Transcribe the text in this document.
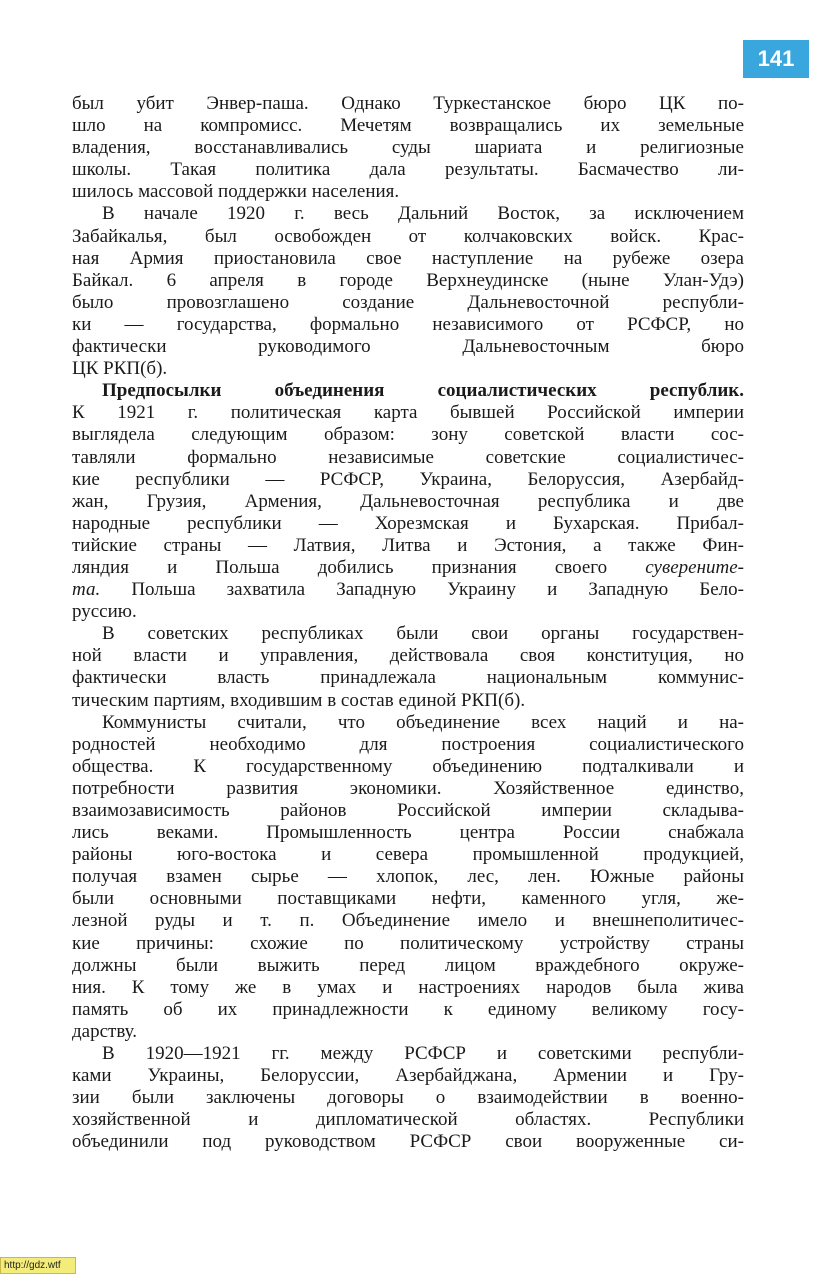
141
был убит Энвер-паша. Однако Туркестанское бюро ЦК по-
шло на компромисс. Мечетям возвращались их земельные
владения, восстанавливались суды шариата и религиозные
школы. Такая политика дала результаты. Басмачество ли-
шилось массовой поддержки населения.
В начале 1920 г. весь Дальний Восток, за исключением
Забайкалья, был освобожден от колчаковских войск. Крас-
ная Армия приостановила свое наступление на рубеже озера
Байкал. 6 апреля в городе Верхнеудинске (ныне Улан-Удэ)
было провозглашено создание Дальневосточной республи-
ки — государства, формально независимого от РСФСР, но
фактически руководимого Дальневосточным бюро
ЦК РКП(б).
Предпосылки объединения социалистических республик.
К 1921 г. политическая карта бывшей Российской империи
выглядела следующим образом: зону советской власти сос-
тавляли формально независимые советские социалистичес-
кие республики — РСФСР, Украина, Белоруссия, Азербайд-
жан, Грузия, Армения, Дальневосточная республика и две
народные республики — Хорезмская и Бухарская. Прибал-
тийские страны — Латвия, Литва и Эстония, а также Фин-
ляндия и Польша добились признания своего суверените-
та. Польша захватила Западную Украину и Западную Бело-
руссию.
В советских республиках были свои органы государствен-
ной власти и управления, действовала своя конституция, но
фактически власть принадлежала национальным коммунис-
тическим партиям, входившим в состав единой РКП(б).
Коммунисты считали, что объединение всех наций и на-
родностей необходимо для построения социалистического
общества. К государственному объединению подталкивали и
потребности развития экономики. Хозяйственное единство,
взаимозависимость районов Российской империи складыва-
лись веками. Промышленность центра России снабжала
районы юго-востока и севера промышленной продукцией,
получая взамен сырье — хлопок, лес, лен. Южные районы
были основными поставщиками нефти, каменного угля, же-
лезной руды и т. п. Объединение имело и внешнеполитичес-
кие причины: схожие по политическому устройству страны
должны были выжить перед лицом враждебного окруже-
ния. К тому же в умах и настроениях народов была жива
память об их принадлежности к единому великому госу-
дарству.
В 1920—1921 гг. между РСФСР и советскими республи-
ками Украины, Белоруссии, Азербайджана, Армении и Гру-
зии были заключены договоры о взаимодействии в военно-
хозяйственной и дипломатической областях. Республики
объединили под руководством РСФСР свои вооруженные си-
http://gdz.wtf
